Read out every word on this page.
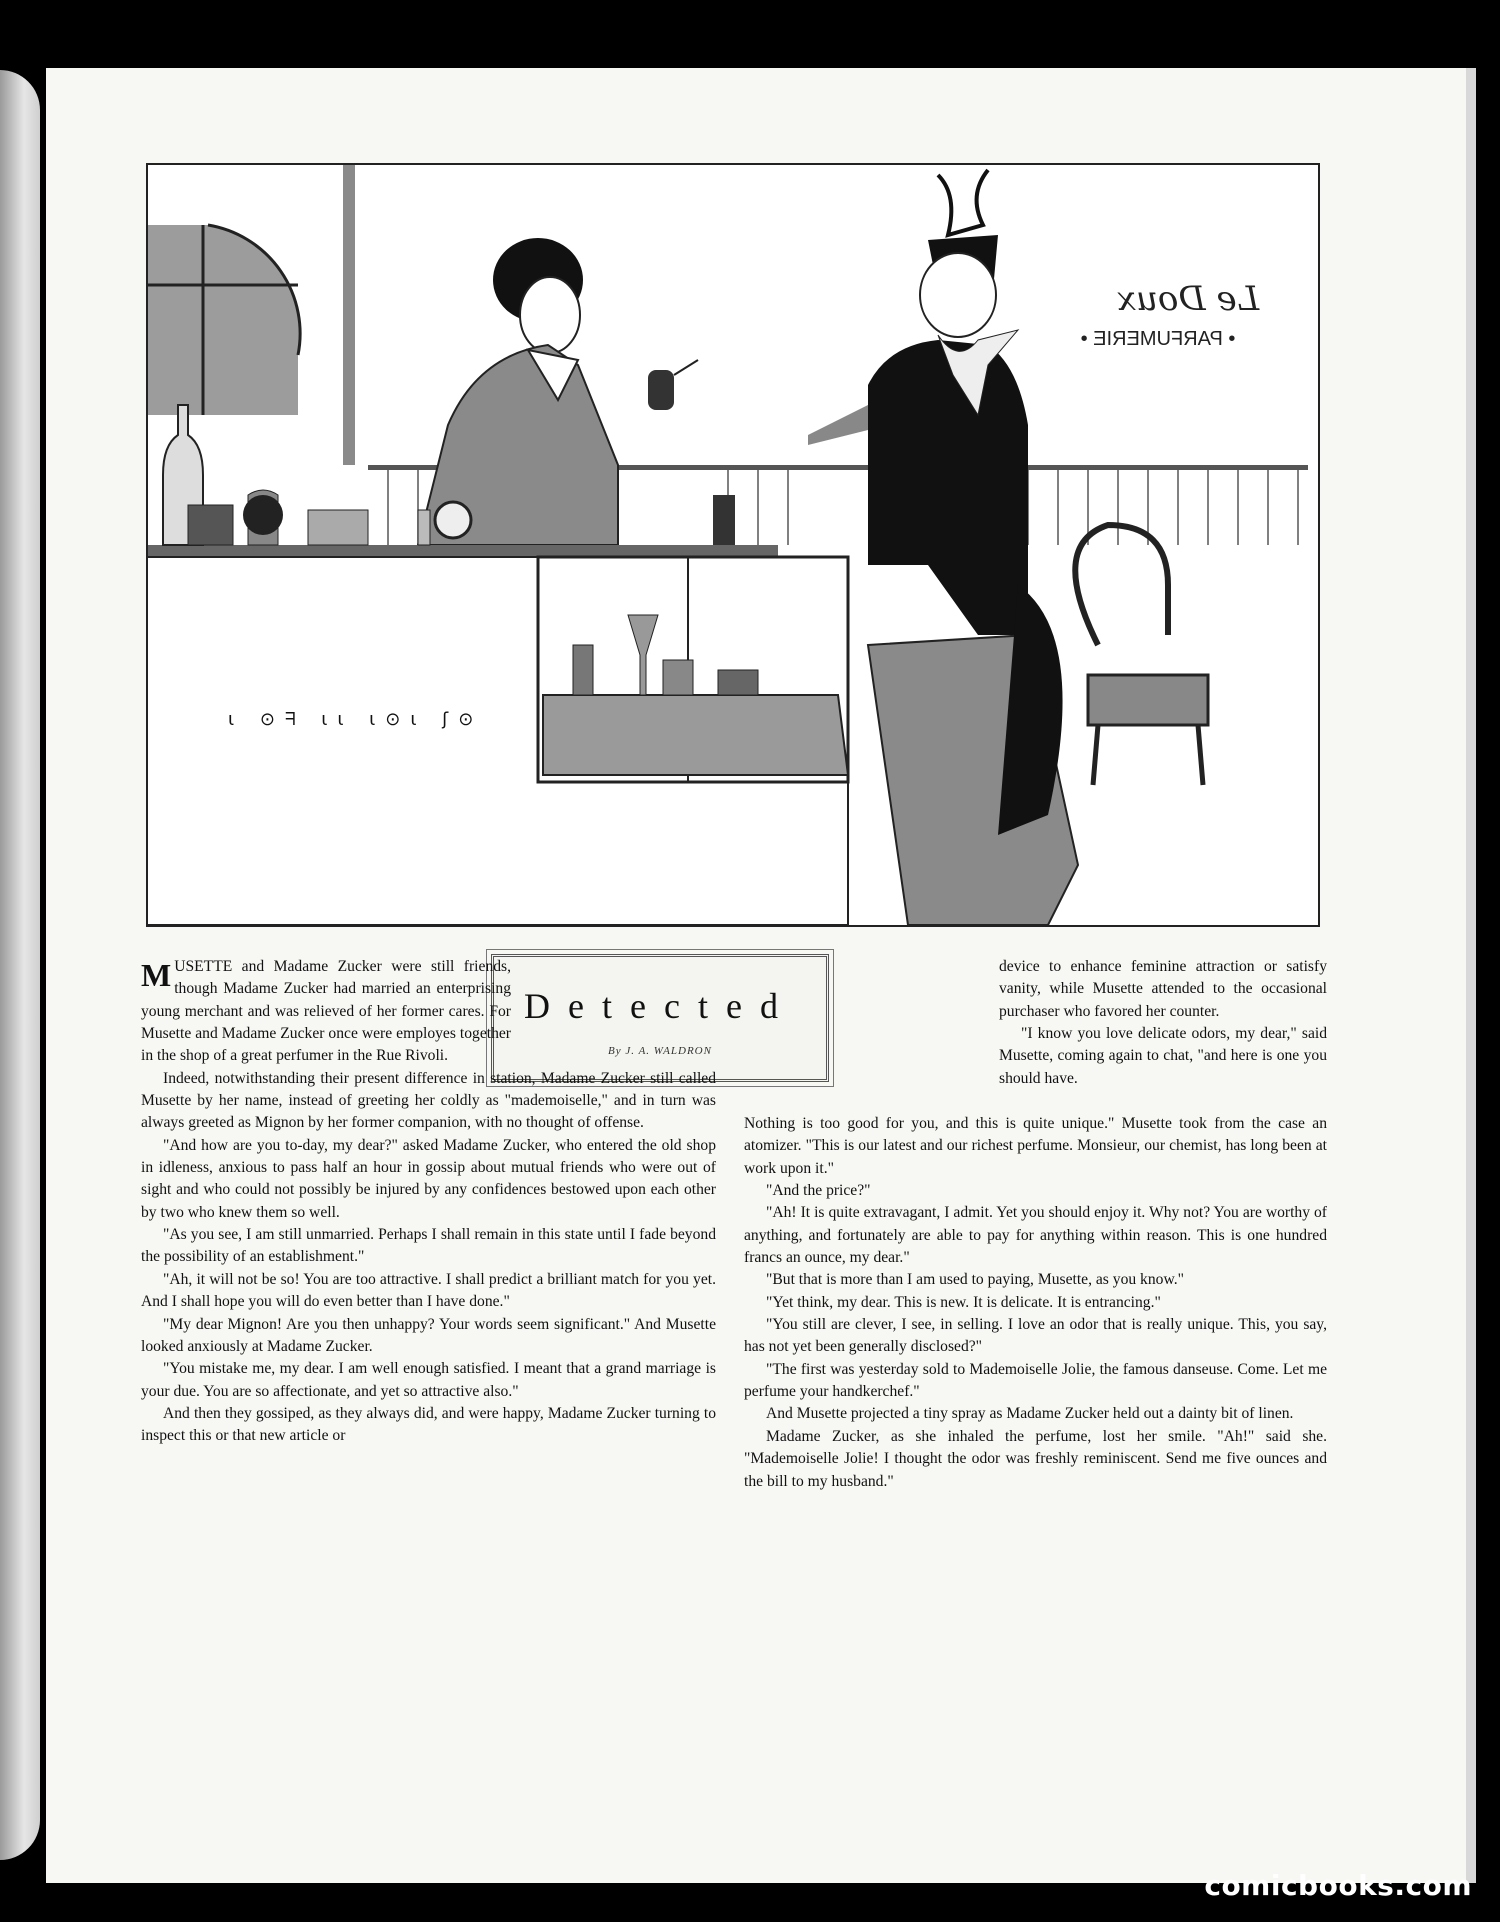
Le Doux
• PARFUMERIE •
ɩ ⊙ᖷ ɩɩ ɩ⊙ɩ ʃ⊙
Detected
By J. A. WALDRON

MUSETTE and Madame Zucker were still friends, though Madame Zucker had married an enterprising young merchant and was relieved of her former cares. For Musette and Madame Zucker once were employes together in the shop of a great perfumer in the Rue Rivoli.

Indeed, notwithstanding their present difference in station, Madame Zucker still called Musette by her name, instead of greeting her coldly as "mademoiselle," and in turn was always greeted as Mignon by her former companion, with no thought of offense.

"And how are you to-day, my dear?" asked Madame Zucker, who entered the old shop in idleness, anxious to pass half an hour in gossip about mutual friends who were out of sight and who could not possibly be injured by any confidences bestowed upon each other by two who knew them so well.

"As you see, I am still unmarried. Perhaps I shall remain in this state until I fade beyond the possibility of an establishment."

"Ah, it will not be so! You are too attractive. I shall predict a brilliant match for you yet. And I shall hope you will do even better than I have done."

"My dear Mignon! Are you then unhappy? Your words seem significant." And Musette looked anxiously at Madame Zucker.

"You mistake me, my dear. I am well enough satisfied. I meant that a grand marriage is your due. You are so affectionate, and yet so attractive also."

And then they gossiped, as they always did, and were happy, Madame Zucker turning to inspect this or that new article or

device to enhance feminine attraction or satisfy vanity, while Musette attended to the occasional purchaser who favored her counter.

"I know you love delicate odors, my dear," said Musette, coming again to chat, "and here is one you should have.

Nothing is too good for you, and this is quite unique." Musette took from the case an atomizer. "This is our latest and our richest perfume. Monsieur, our chemist, has long been at work upon it."

"And the price?"

"Ah! It is quite extravagant, I admit. Yet you should enjoy it. Why not? You are worthy of anything, and fortunately are able to pay for anything within reason. This is one hundred francs an ounce, my dear."

"But that is more than I am used to paying, Musette, as you know."

"Yet think, my dear. This is new. It is delicate. It is entrancing."

"You still are clever, I see, in selling. I love an odor that is really unique. This, you say, has not yet been generally disclosed?"

"The first was yesterday sold to Mademoiselle Jolie, the famous danseuse. Come. Let me perfume your handkerchef."

And Musette projected a tiny spray as Madame Zucker held out a dainty bit of linen.

Madame Zucker, as she inhaled the perfume, lost her smile. "Ah!" said she. "Mademoiselle Jolie! I thought the odor was freshly reminiscent. Send me five ounces and the bill to my husband."

comicbooks.com
